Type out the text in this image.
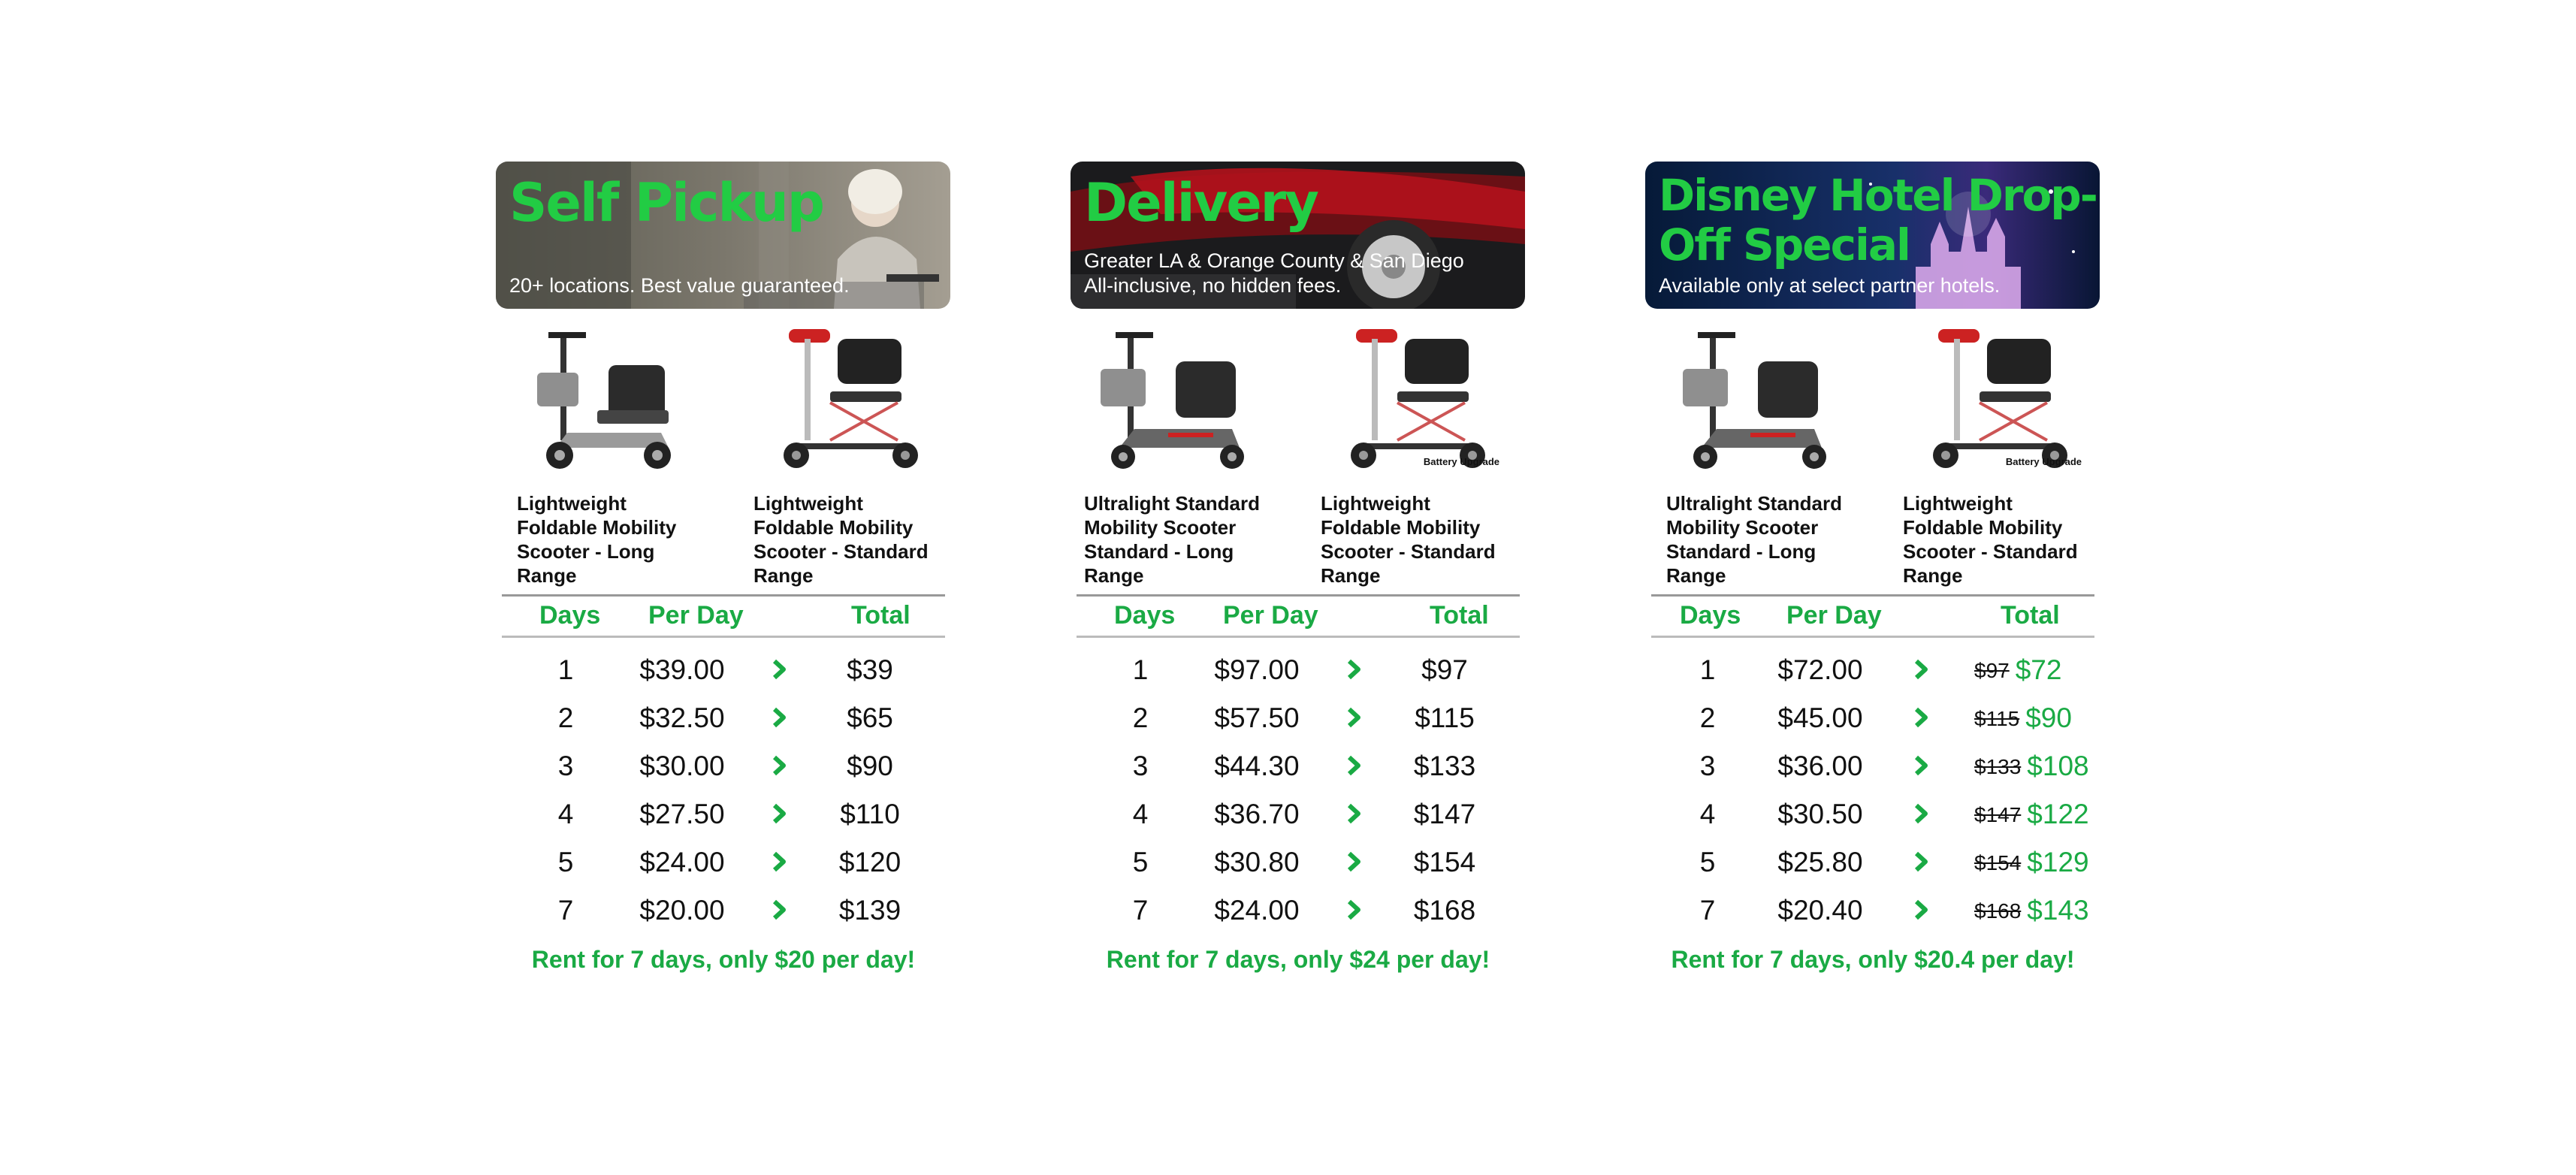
Self Pickup
20+ locations. Best value guaranteed.
Lightweight Foldable Mobility Scooter - Long Range
Lightweight Foldable Mobility Scooter - Standard Range
Days Per Day	Total
1	$39.00	$39
2	$32.50	$65
3	$30.00	$90
4	$27.50	$110
5	$24.00	$120
7	$20.00	$139
Rent for 7 days, only $20 per day!
Delivery
Greater LA & Orange County & San Diego
All-inclusive, no hidden fees.
Ultralight Standard Mobility Scooter Standard - Long Range
Battery Upgrade
Lightweight Foldable Mobility Scooter - Standard Range
Days Per Day	Total
1	$97.00	$97
2	$57.50	$115
3	$44.30	$133
4	$36.70	$147
5	$30.80	$154
7	$24.00	$168
Rent for 7 days, only $24 per day!
Disney Hotel Drop-
Off Special
Available only at select partner hotels.
Ultralight Standard Mobility Scooter Standard - Long Range
Battery Upgrade
Lightweight Foldable Mobility Scooter - Standard Range
Days Per Day	Total
1	$72.00	$97 $72
2	$45.00	$115 $90
3	$36.00	$133 $108
4	$30.50	$147 $122
5	$25.80	$154 $129
7	$20.40	$168 $143
Rent for 7 days, only $20.4 per day!
